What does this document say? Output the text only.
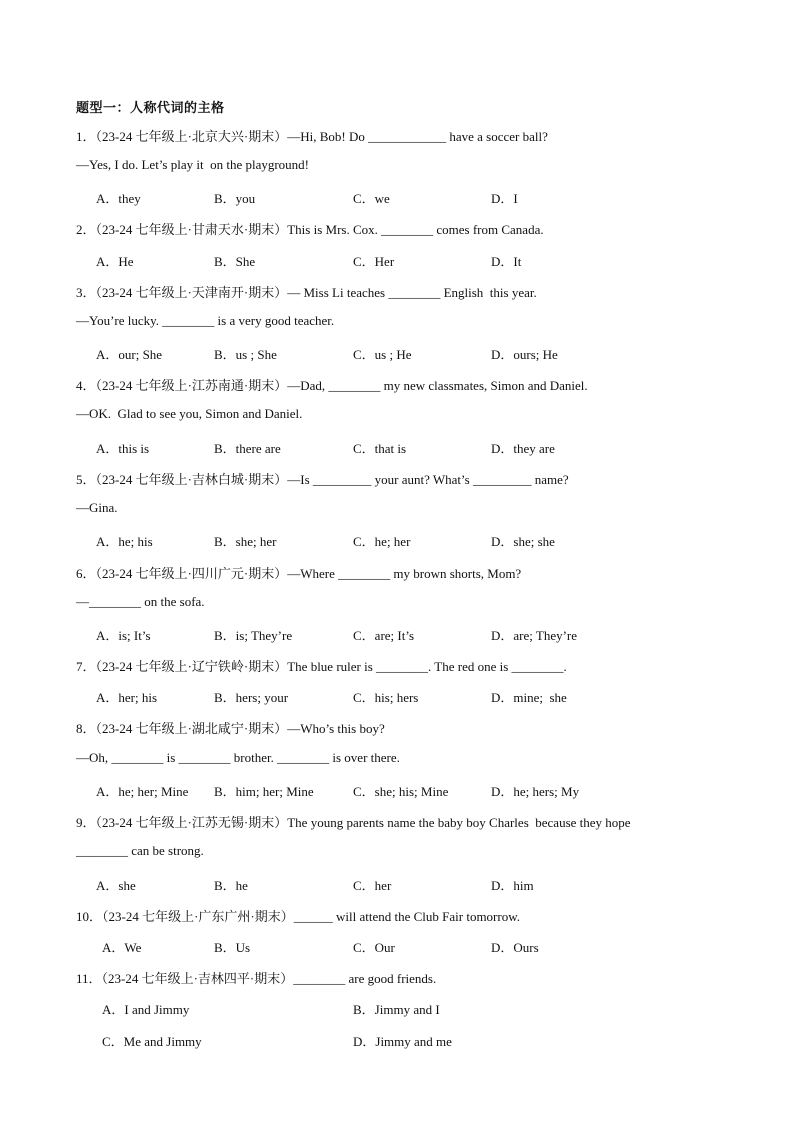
题型一：人称代词的主格
1．（23-24 七年级上·北京大兴·期末）—Hi, Bob! Do ____________ have a soccer ball?
—Yes, I do. Let’s play it  on the playground!
A．they	B．you	C．we	D．I
2．（23-24 七年级上·甘肃天水·期末）This is Mrs. Cox. ________ comes from Canada.
A．He	B．She	C．Her	D．It
3．（23-24 七年级上·天津南开·期末）— Miss Li teaches ________ English  this year.
—You’re lucky. ________ is a very good teacher.
A．our; She	B．us ; She	C．us ; He	D．ours; He
4．（23-24 七年级上·江苏南通·期末）—Dad, ________ my new classmates, Simon and Daniel.
—OK.  Glad to see you, Simon and Daniel.
A．this is	B．there are	C．that is	D．they are
5．（23-24 七年级上·吉林白城·期末）—Is _________ your aunt? What’s _________ name?
—Gina.
A．he; his	B．she; her	C．he; her	D．she; she
6．（23-24 七年级上·四川广元·期末）—Where ________ my brown shorts, Mom?
—________ on the sofa.
A．is; It’s	B．is; They’re	C．are; It’s	D．are; They’re
7．（23-24 七年级上·辽宁铁岭·期末）The blue ruler is ________. The red one is ________.
A．her; his	B．hers; your	C．his; hers	D．mine;  she
8．（23-24 七年级上·湖北咸宁·期末）—Who’s this boy?
—Oh, ________ is ________ brother. ________ is over there.
A．he; her; Mine B．him; her; Mine	C．she; his; Mine	D．he; hers; My
9．（23-24 七年级上·江苏无锡·期末）The young parents name the baby boy Charles  because they hope
________ can be strong.
A．she	B．he	C．her	D．him
10．（23-24 七年级上·广东广州·期末）______ will attend the Club Fair tomorrow.
A．We	B．Us	C．Our	D．Ours
11．（23-24 七年级上·吉林四平·期末）________ are good friends.
A．I and Jimmy	B．Jimmy and I
C．Me and Jimmy	D．Jimmy and me
